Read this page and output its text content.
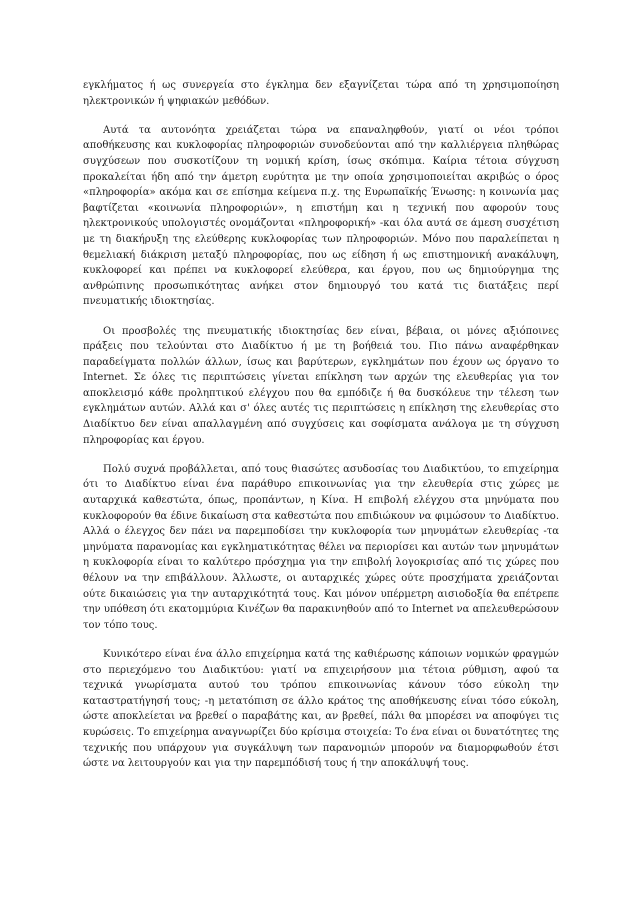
εγκλήματος ή ως συνεργεία στο έγκλημα δεν εξαγνίζεται τώρα από τη χρησιμοποίηση ηλεκτρονικών ή ψηφιακών μεθόδων.

Αυτά τα αυτονόητα χρειάζεται τώρα να επαναληφθούν, γιατί οι νέοι τρόποι αποθήκευσης και κυκλοφορίας πληροφοριών συνοδεύονται από την καλλιέργεια πληθώρας συγχύσεων που συσκοτίζουν τη νομική κρίση, ίσως σκόπιμα. Καίρια τέτοια σύγχυση προκαλείται ήδη από την άμετρη ευρύτητα με την οποία χρησιμοποιείται ακριβώς ο όρος «πληροφορία» ακόμα και σε επίσημα κείμενα π.χ. της Ευρωπαϊκής Ένωσης: η κοινωνία μας βαφτίζεται «κοινωνία πληροφοριών», η επιστήμη και η τεχνική που αφορούν τους ηλεκτρονικούς υπολογιστές ονομάζονται «πληροφορική» -και όλα αυτά σε άμεση συσχέτιση με τη διακήρυξη της ελεύθερης κυκλοφορίας των πληροφοριών. Μόνο που παραλείπεται η θεμελιακή διάκριση μεταξύ πληροφορίας, που ως είδηση ή ως επιστημονική ανακάλυψη, κυκλοφορεί και πρέπει να κυκλοφορεί ελεύθερα, και έργου, που ως δημιούργημα της ανθρώπινης προσωπικότητας ανήκει στον δημιουργό του κατά τις διατάξεις περί πνευματικής ιδιοκτησίας.

Οι προσβολές της πνευματικής ιδιοκτησίας δεν είναι, βέβαια, οι μόνες αξιόποινες πράξεις που τελούνται στο Διαδίκτυο ή με τη βοήθειά του. Πιο πάνω αναφέρθηκαν παραδείγματα πολλών άλλων, ίσως και βαρύτερων, εγκλημάτων που έχουν ως όργανο το Internet. Σε όλες τις περιπτώσεις γίνεται επίκληση των αρχών της ελευθερίας για τον αποκλεισμό κάθε προληπτικού ελέγχου που θα εμπόδιζε ή θα δυσκόλευε την τέλεση των εγκλημάτων αυτών. Αλλά και σ' όλες αυτές τις περιπτώσεις η επίκληση της ελευθερίας στο Διαδίκτυο δεν είναι απαλλαγμένη από συγχύσεις και σοφίσματα ανάλογα με τη σύγχυση πληροφορίας και έργου.

Πολύ συχνά προβάλλεται, από τους θιασώτες ασυδοσίας του Διαδικτύου, το επιχείρημα ότι το Διαδίκτυο είναι ένα παράθυρο επικοινωνίας για την ελευθερία στις χώρες με αυταρχικά καθεστώτα, όπως, προπάντων, η Κίνα. Η επιβολή ελέγχου στα μηνύματα που κυκλοφορούν θα έδινε δικαίωση στα καθεστώτα που επιδιώκουν να φιμώσουν το Διαδίκτυο. Αλλά ο έλεγχος δεν πάει να παρεμποδίσει την κυκλοφορία των μηνυμάτων ελευθερίας -τα μηνύματα παρανομίας και εγκληματικότητας θέλει να περιορίσει και αυτών των μηνυμάτων η κυκλοφορία είναι το καλύτερο πρόσχημα για την επιβολή λογοκρισίας από τις χώρες που θέλουν να την επιβάλλουν. Άλλωστε, οι αυταρχικές χώρες ούτε προσχήματα χρειάζονται ούτε δικαιώσεις για την αυταρχικότητά τους. Και μόνον υπέρμετρη αισιοδοξία θα επέτρεπε την υπόθεση ότι εκατομμύρια Κινέζων θα παρακινηθούν από το Internet να απελευθερώσουν τον τόπο τους.

Κυνικότερο είναι ένα άλλο επιχείρημα κατά της καθιέρωσης κάποιων νομικών φραγμών στο περιεχόμενο του Διαδικτύου: γιατί να επιχειρήσουν μια τέτοια ρύθμιση, αφού τα τεχνικά γνωρίσματα αυτού του τρόπου επικοινωνίας κάνουν τόσο εύκολη την καταστρατήγησή τους; -η μετατόπιση σε άλλο κράτος της αποθήκευσης είναι τόσο εύκολη, ώστε αποκλείεται να βρεθεί ο παραβάτης και, αν βρεθεί, πάλι θα μπορέσει να αποφύγει τις κυρώσεις. Το επιχείρημα αναγνωρίζει δύο κρίσιμα στοιχεία: Το ένα είναι οι δυνατότητες της τεχνικής που υπάρχουν για συγκάλυψη των παρανομιών μπορούν να διαμορφωθούν έτσι ώστε να λειτουργούν και για την παρεμπόδισή τους ή την αποκάλυψή τους.
